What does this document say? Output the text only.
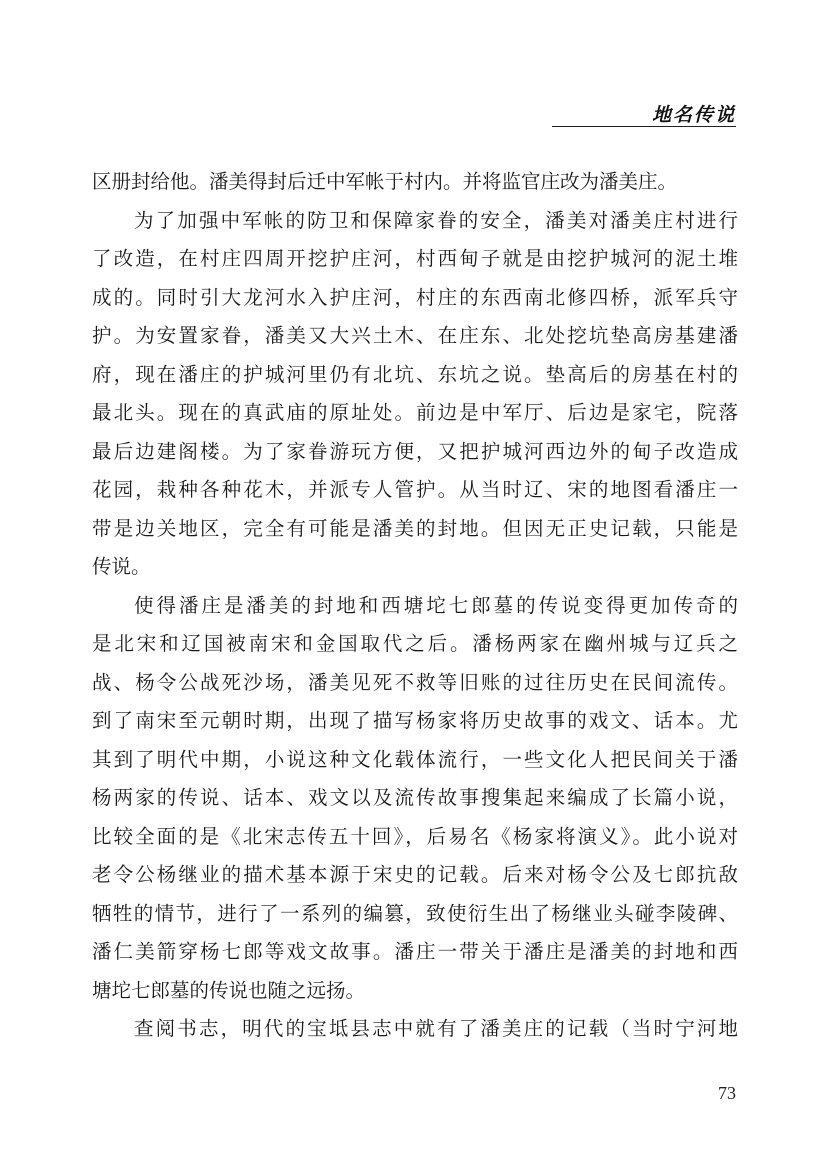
地名传说
区册封给他。潘美得封后迁中军帐于村内。并将监官庄改为潘美庄。
为了加强中军帐的防卫和保障家眷的安全，潘美对潘美庄村进行
了改造，在村庄四周开挖护庄河，村西甸子就是由挖护城河的泥土堆
成的。同时引大龙河水入护庄河，村庄的东西南北修四桥，派军兵守
护。为安置家眷，潘美又大兴土木、在庄东、北处挖坑垫高房基建潘
府，现在潘庄的护城河里仍有北坑、东坑之说。垫高后的房基在村的
最北头。现在的真武庙的原址处。前边是中军厅、后边是家宅，院落
最后边建阁楼。为了家眷游玩方便，又把护城河西边外的甸子改造成
花园，栽种各种花木，并派专人管护。从当时辽、宋的地图看潘庄一
带是边关地区，完全有可能是潘美的封地。但因无正史记载，只能是
传说。
使得潘庄是潘美的封地和西塘坨七郎墓的传说变得更加传奇的
是北宋和辽国被南宋和金国取代之后。潘杨两家在幽州城与辽兵之
战、杨令公战死沙场，潘美见死不救等旧账的过往历史在民间流传。
到了南宋至元朝时期，出现了描写杨家将历史故事的戏文、话本。尤
其到了明代中期，小说这种文化载体流行，一些文化人把民间关于潘
杨两家的传说、话本、戏文以及流传故事搜集起来编成了长篇小说，
比较全面的是《北宋志传五十回》，后易名《杨家将演义》。此小说对
老令公杨继业的描术基本源于宋史的记载。后来对杨令公及七郎抗敌
牺牲的情节，进行了一系列的编篡，致使衍生出了杨继业头碰李陵碑、
潘仁美箭穿杨七郎等戏文故事。潘庄一带关于潘庄是潘美的封地和西
塘坨七郎墓的传说也随之远扬。
查阅书志，明代的宝坻县志中就有了潘美庄的记载（当时宁河地
73
